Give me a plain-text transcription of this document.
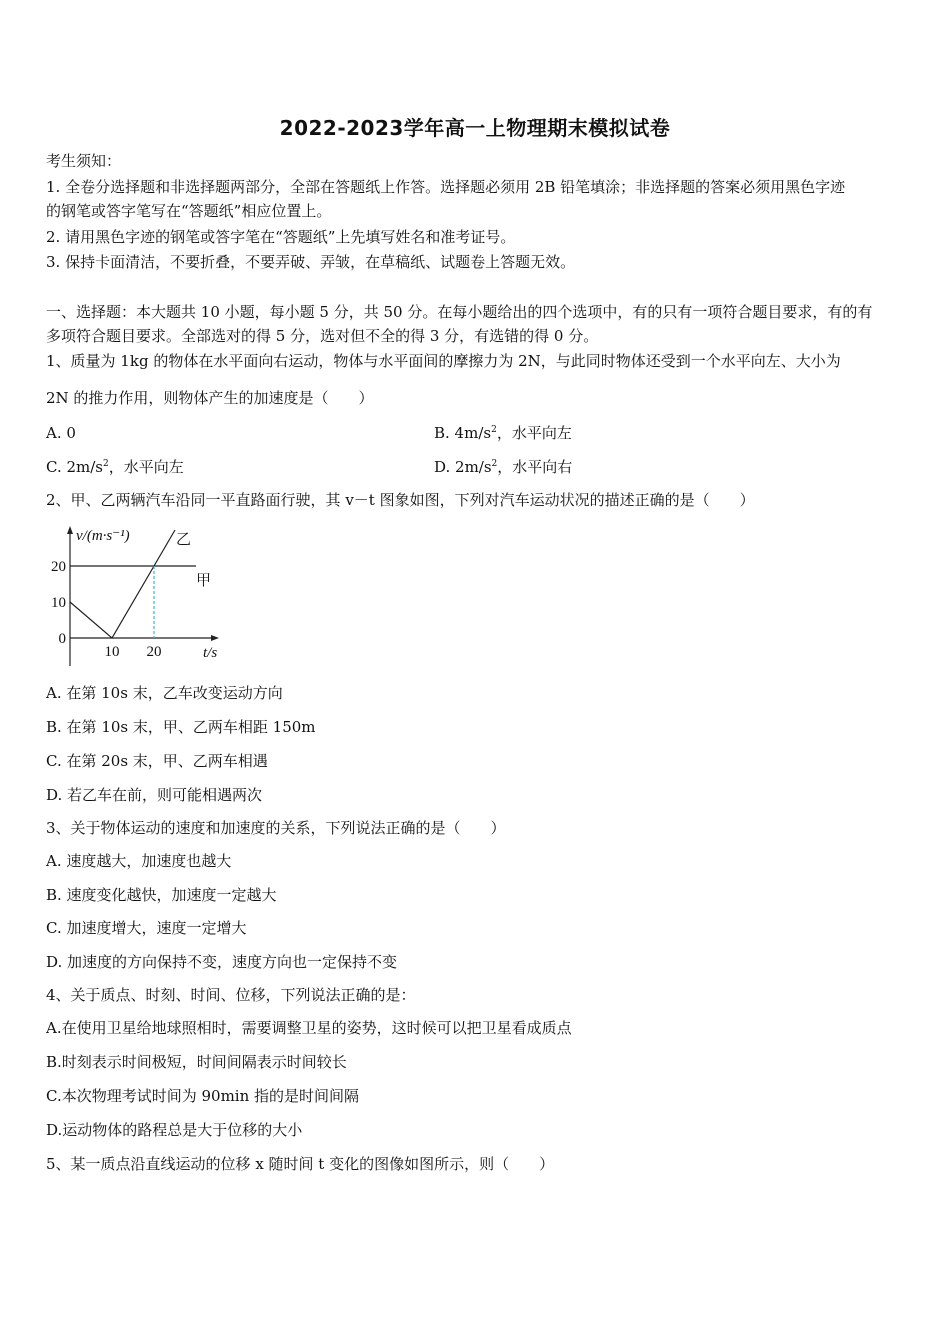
2022-2023学年高一上物理期末模拟试卷
考生须知：
1. 全卷分选择题和非选择题两部分，全部在答题纸上作答。选择题必须用 2B 铅笔填涂；非选择题的答案必须用黑色字迹
的钢笔或答字笔写在“答题纸”相应位置上。
2. 请用黑色字迹的钢笔或答字笔在“答题纸”上先填写姓名和准考证号。
3. 保持卡面清洁，不要折叠，不要弄破、弄皱，在草稿纸、试题卷上答题无效。
一、选择题：本大题共 10 小题，每小题 5 分，共 50 分。在每小题给出的四个选项中，有的只有一项符合题目要求，有的有
多项符合题目要求。全部选对的得 5 分，选对但不全的得 3 分，有选错的得 0 分。
1、质量为 1kg 的物体在水平面向右运动，物体与水平面间的摩擦力为 2N，与此同时物体还受到一个水平向左、大小为
2N 的推力作用，则物体产生的加速度是（　　）
A. 0	B. $4m/s^2$，水平向左
C. $2m/s^2$，水平向左	D. $2m/s^2$，水平向右
2、甲、乙两辆汽车沿同一平直路面行驶，其 v－t 图象如图，下列对汽车运动状况的描述正确的是（　　）
0
10
20
10 20
v/(m·s⁻¹)
t/s
甲
乙
A. 在第 10s 末，乙车改变运动方向
B. 在第 10s 末，甲、乙两车相距 150m
C. 在第 20s 末，甲、乙两车相遇
D. 若乙车在前，则可能相遇两次
3、关于物体运动的速度和加速度的关系，下列说法正确的是（　　）
A. 速度越大，加速度也越大
B. 速度变化越快，加速度一定越大
C. 加速度增大，速度一定增大
D. 加速度的方向保持不变，速度方向也一定保持不变
4、关于质点、时刻、时间、位移，下列说法正确的是：
A.在使用卫星给地球照相时，需要调整卫星的姿势，这时候可以把卫星看成质点
B.时刻表示时间极短，时间间隔表示时间较长
C.本次物理考试时间为 90min 指的是时间间隔
D.运动物体的路程总是大于位移的大小
5、某一质点沿直线运动的位移 x 随时间 t 变化的图像如图所示，则（　　）
